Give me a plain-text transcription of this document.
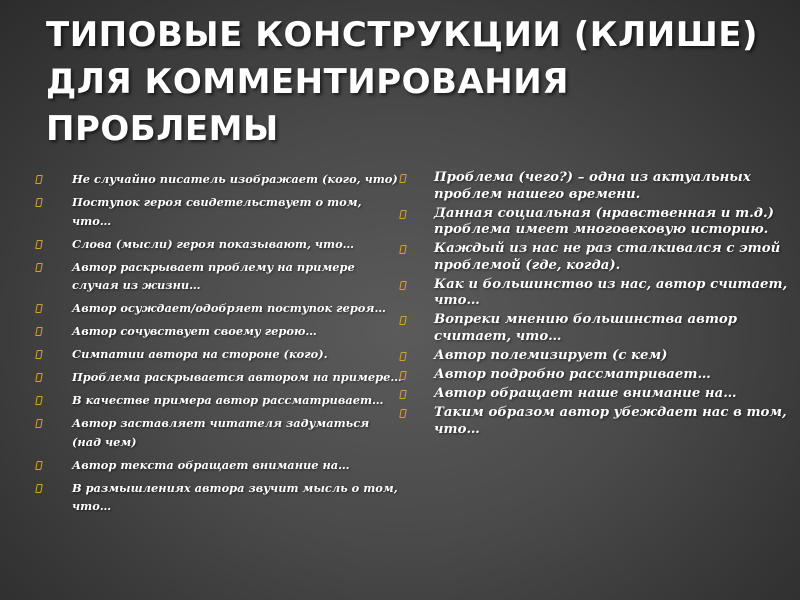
ТИПОВЫЕ КОНСТРУКЦИИ (КЛИШЕ) ДЛЯ КОММЕНТИРОВАНИЯ ПРОБЛЕМЫ
Не случайно писатель изображает (кого, что)
Поступок героя свидетельствует о том, что…
Слова (мысли) героя показывают, что…
Автор раскрывает проблему на примере случая из жизни…
Автор осуждает/одобряет поступок героя…
Автор сочувствует своему герою…
Симпатии автора на стороне (кого).
Проблема раскрывается автором на примере…
В качестве примера автор рассматривает…
Автор заставляет читателя задуматься (над чем)
Автор текста обращает внимание на…
В размышлениях автора звучит мысль о том, что…
Проблема (чего?) – одна из актуальных проблем нашего времени.
Данная социальная (нравственная и т.д.) проблема имеет многовековую историю.
Каждый из нас не раз сталкивался с этой проблемой (где, когда).
Как и большинство из нас, автор считает, что…
Вопреки мнению большинства автор считает, что…
Автор полемизирует (с кем)
Автор подробно рассматривает…
Автор обращает наше внимание на…
Таким образом автор убеждает нас в том, что…
